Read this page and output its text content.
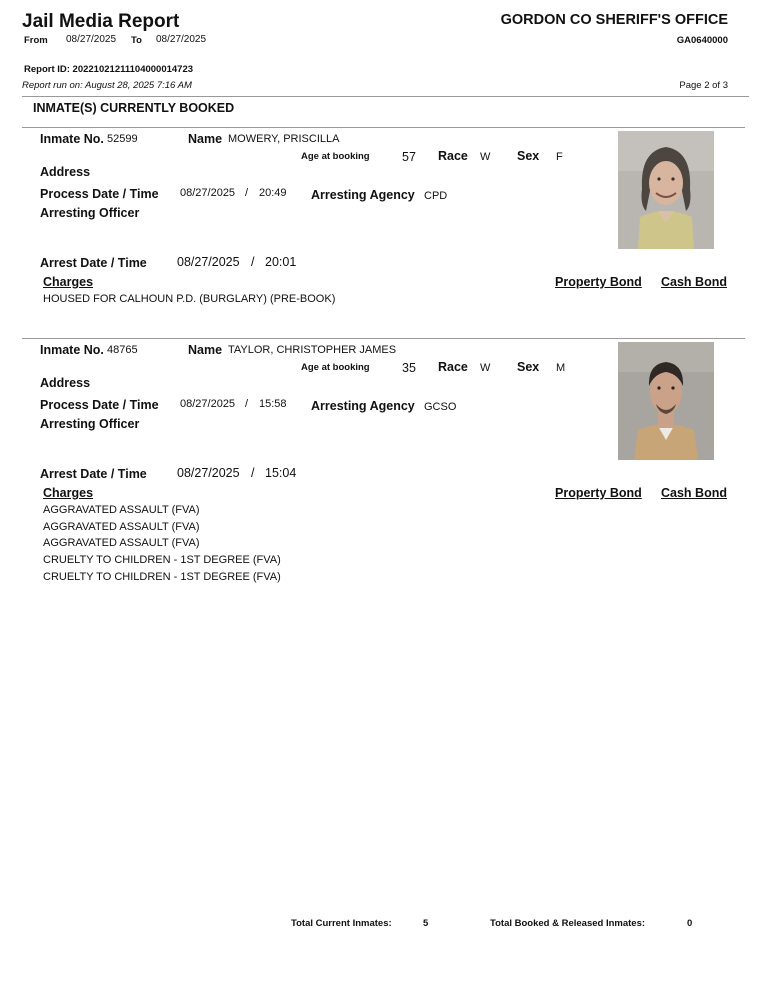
Jail Media Report
From 08/27/2025 To 08/27/2025
GORDON CO SHERIFF'S OFFICE
GA0640000
Report ID: 20221021211104000014723
Report run on: August 28, 2025 7:16 AM	Page 2 of 3
INMATE(S) CURRENTLY BOOKED
Inmate No. 52599	Name MOWERY, PRISCILLA
Age at booking	57 Race W Sex F
Address
Process Date / Time 08/27/2025 / 20:49 Arresting Agency CPD
Arresting Officer
Arrest Date / Time 08/27/2025 / 20:01
Charges	Property Bond Cash Bond
HOUSED FOR CALHOUN P.D. (BURGLARY) (PRE-BOOK)
Inmate No. 48765	Name TAYLOR, CHRISTOPHER JAMES
Age at booking	35 Race W Sex M
Address
Process Date / Time 08/27/2025 / 15:58 Arresting Agency GCSO
Arresting Officer
Arrest Date / Time 08/27/2025 / 15:04
Charges	Property Bond Cash Bond
AGGRAVATED ASSAULT (FVA)
AGGRAVATED ASSAULT (FVA)
AGGRAVATED ASSAULT (FVA)
CRUELTY TO CHILDREN - 1ST DEGREE (FVA)
CRUELTY TO CHILDREN - 1ST DEGREE (FVA)
Total Current Inmates:	5	Total Booked & Released Inmates:	0
